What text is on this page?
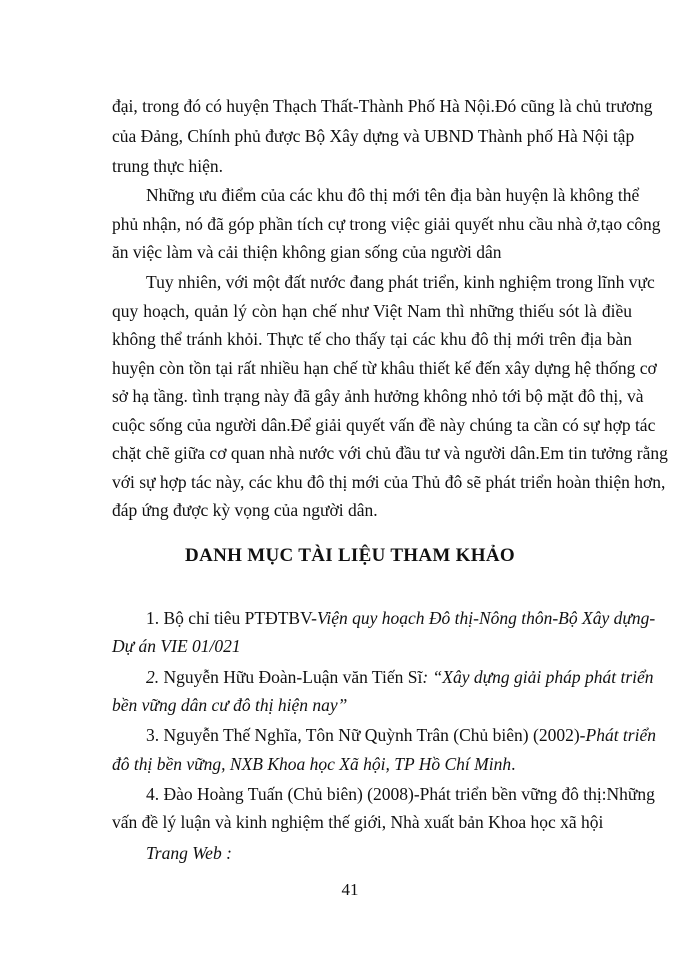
đại, trong đó có huyện Thạch Thất-Thành Phố Hà Nội.Đó cũng là chủ trương
của Đảng, Chính phủ được Bộ Xây dựng và UBND Thành phố Hà Nội tập
trung thực hiện.
Những ưu điểm của các khu đô thị mới tên địa bàn huyện là không thể
phủ nhận, nó đã góp phần tích cự trong việc giải quyết nhu cầu nhà ở,tạo công
ăn việc làm và cải thiện không gian sống của người dân
Tuy nhiên, với một đất nước đang phát triển, kinh nghiệm trong lĩnh vực
quy hoạch, quản lý còn hạn chế như Việt Nam thì những thiếu sót là điều
không thể tránh khỏi. Thực tế cho thấy tại các khu đô thị mới trên địa bàn
huyện còn tồn tại rất nhiều hạn chế từ khâu thiết kế đến xây dựng hệ thống cơ
sở hạ tầng. tình trạng này đã gây ảnh hưởng không nhỏ tới bộ mặt đô thị, và
cuộc sống của người dân.Để giải quyết vấn đề này chúng ta cần có sự hợp tác
chặt chẽ giữa cơ quan nhà nước với chủ đầu tư và người dân.Em tin tưởng rằng
với sự hợp tác này, các khu đô thị mới của Thủ đô sẽ phát triển hoàn thiện hơn,
đáp ứng được kỳ vọng của người dân.
DANH MỤC TÀI LIỆU THAM KHẢO
1. Bộ chỉ tiêu PTĐTBV-Viện quy hoạch Đô thị-Nông thôn-Bộ Xây dựng-
Dự án VIE 01/021
2. Nguyễn Hữu Đoàn-Luận văn Tiến Sĩ: “Xây dựng giải pháp phát triển
bền vững dân cư đô thị hiện nay”
3. Nguyễn Thế Nghĩa, Tôn Nữ Quỳnh Trân (Chủ biên) (2002)-Phát triển
đô thị bền vững, NXB Khoa học Xã hội, TP Hồ Chí Minh.
4. Đào Hoàng Tuấn (Chủ biên) (2008)-Phát triển bền vững đô thị:Những
vấn đề lý luận và kinh nghiệm thế giới, Nhà xuất bản Khoa học xã hội
Trang Web :
41
